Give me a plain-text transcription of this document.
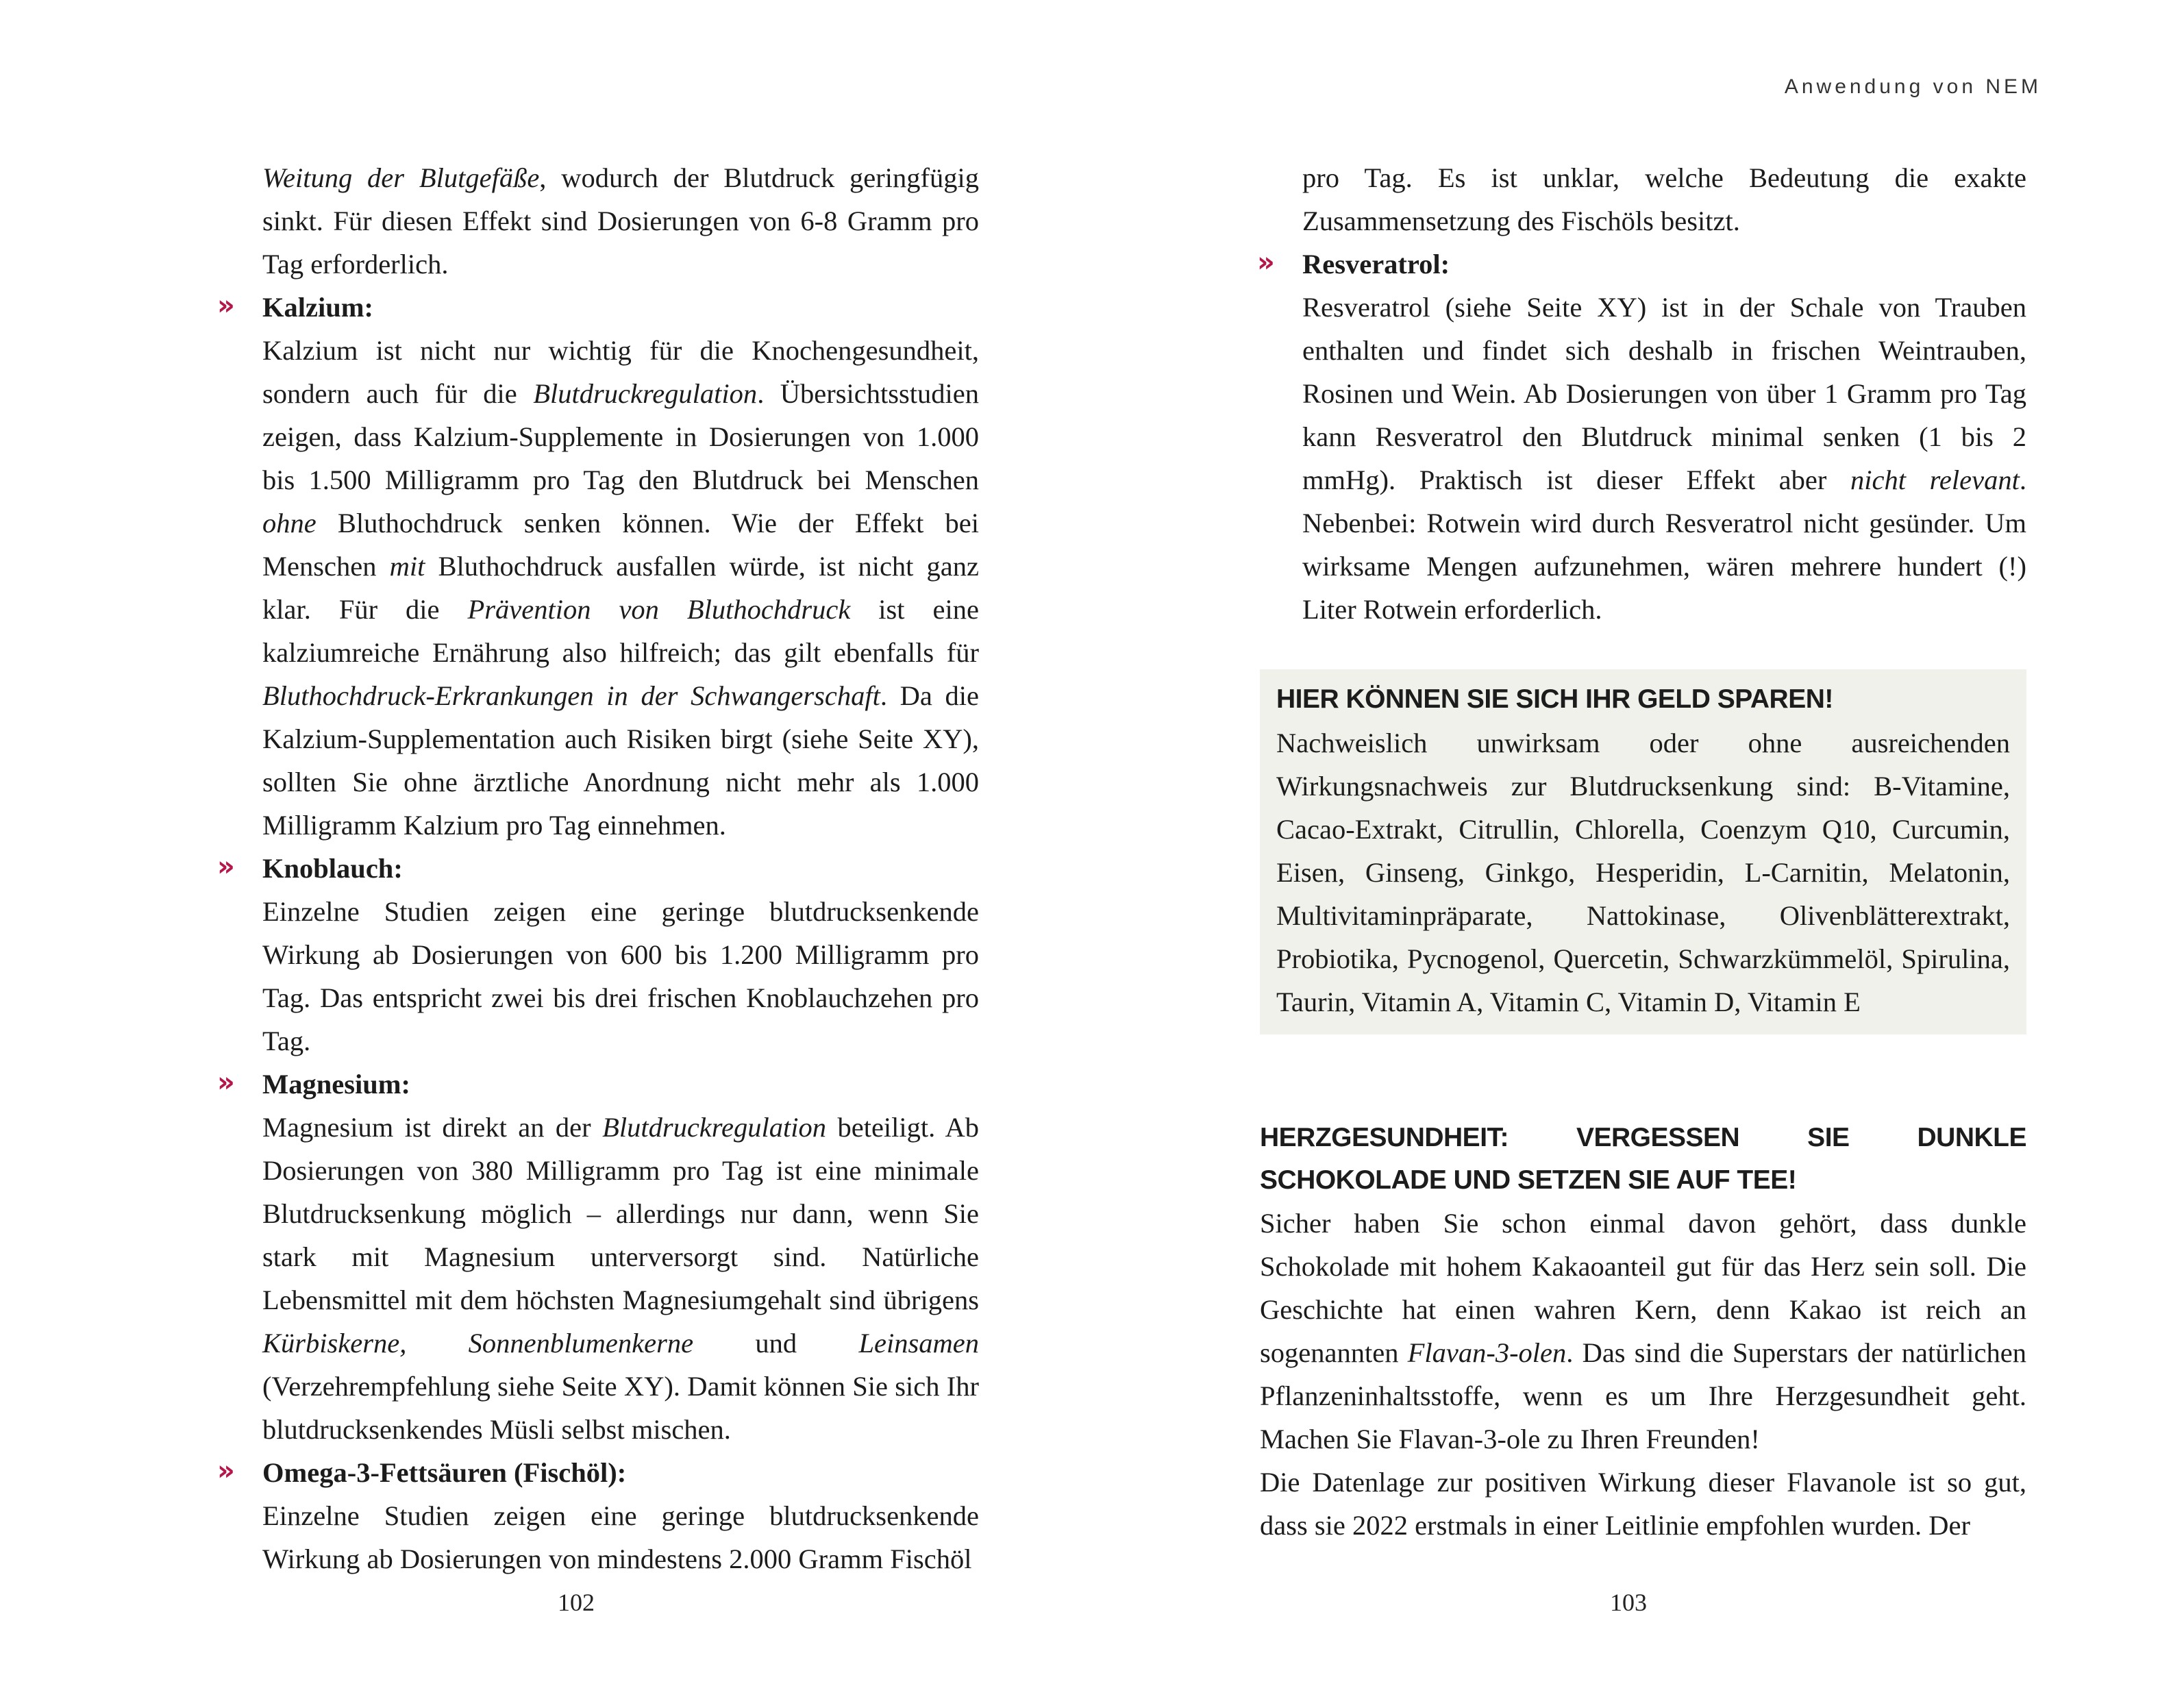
Weitung der Blutgefäße, wodurch der Blutdruck geringfügig sinkt. Für diesen Effekt sind Dosierungen von 6-8 Gramm pro Tag erforderlich.

» Kalzium:

Kalzium ist nicht nur wichtig für die Knochengesundheit, sondern auch für die Blutdruckregulation. Übersichtsstudien zeigen, dass Kalzium-Supplemente in Dosierungen von 1.000 bis 1.500 Milligramm pro Tag den Blutdruck bei Menschen ohne Bluthochdruck senken können. Wie der Effekt bei Menschen mit Bluthochdruck ausfallen würde, ist nicht ganz klar. Für die Prävention von Bluthochdruck ist eine kalziumreiche Ernährung also hilfreich; das gilt ebenfalls für Bluthochdruck-Erkrankungen in der Schwangerschaft. Da die Kalzium-Supplementation auch Risiken birgt (siehe Seite XY), sollten Sie ohne ärztliche Anordnung nicht mehr als 1.000 Milligramm Kalzium pro Tag einnehmen.

» Knoblauch:

Einzelne Studien zeigen eine geringe blutdrucksenkende Wirkung ab Dosierungen von 600 bis 1.200 Milligramm pro Tag. Das entspricht zwei bis drei frischen Knoblauchzehen pro Tag.

» Magnesium:

Magnesium ist direkt an der Blutdruckregulation beteiligt. Ab Dosierungen von 380 Milligramm pro Tag ist eine minimale Blutdrucksenkung möglich – allerdings nur dann, wenn Sie stark mit Magnesium unterversorgt sind. Natürliche Lebensmittel mit dem höchsten Magnesiumgehalt sind übrigens Kürbiskerne, Sonnenblumenkerne und Leinsamen (Verzehrempfehlung siehe Seite XY). Damit können Sie sich Ihr blutdrucksenkendes Müsli selbst mischen.

» Omega-3-Fettsäuren (Fischöl):

Einzelne Studien zeigen eine geringe blutdrucksenkende Wirkung ab Dosierungen von mindestens 2.000 Gramm Fischöl

102
Anwendung von NEM

pro Tag. Es ist unklar, welche Bedeutung die exakte Zusammensetzung des Fischöls besitzt.

» Resveratrol:

Resveratrol (siehe Seite XY) ist in der Schale von Trauben enthalten und findet sich deshalb in frischen Weintrauben, Rosinen und Wein. Ab Dosierungen von über 1 Gramm pro Tag kann Resveratrol den Blutdruck minimal senken (1 bis 2 mmHg). Praktisch ist dieser Effekt aber nicht relevant. Nebenbei: Rotwein wird durch Resveratrol nicht gesünder. Um wirksame Mengen aufzunehmen, wären mehrere hundert (!) Liter Rotwein erforderlich.

HIER KÖNNEN SIE SICH IHR GELD SPAREN!

Nachweislich unwirksam oder ohne ausreichenden Wirkungsnachweis zur Blutdrucksenkung sind: B-Vitamine, Cacao-Extrakt, Citrullin, Chlorella, Coenzym Q10, Curcumin, Eisen, Ginseng, Ginkgo, Hesperidin, L-Carnitin, Melatonin, Multivitaminpräparate, Nattokinase, Olivenblätterextrakt, Probiotika, Pycnogenol, Quercetin, Schwarzkümmelöl, Spirulina, Taurin, Vitamin A, Vitamin C, Vitamin D, Vitamin E

HERZGESUNDHEIT: VERGESSEN SIE DUNKLE SCHOKOLADE UND SETZEN SIE AUF TEE!

Sicher haben Sie schon einmal davon gehört, dass dunkle Schokolade mit hohem Kakaoanteil gut für das Herz sein soll. Die Geschichte hat einen wahren Kern, denn Kakao ist reich an sogenannten Flavan-3-olen. Das sind die Superstars der natürlichen Pflanzeninhaltsstoffe, wenn es um Ihre Herzgesundheit geht. Machen Sie Flavan-3-ole zu Ihren Freunden!

Die Datenlage zur positiven Wirkung dieser Flavanole ist so gut, dass sie 2022 erstmals in einer Leitlinie empfohlen wurden. Der

103
